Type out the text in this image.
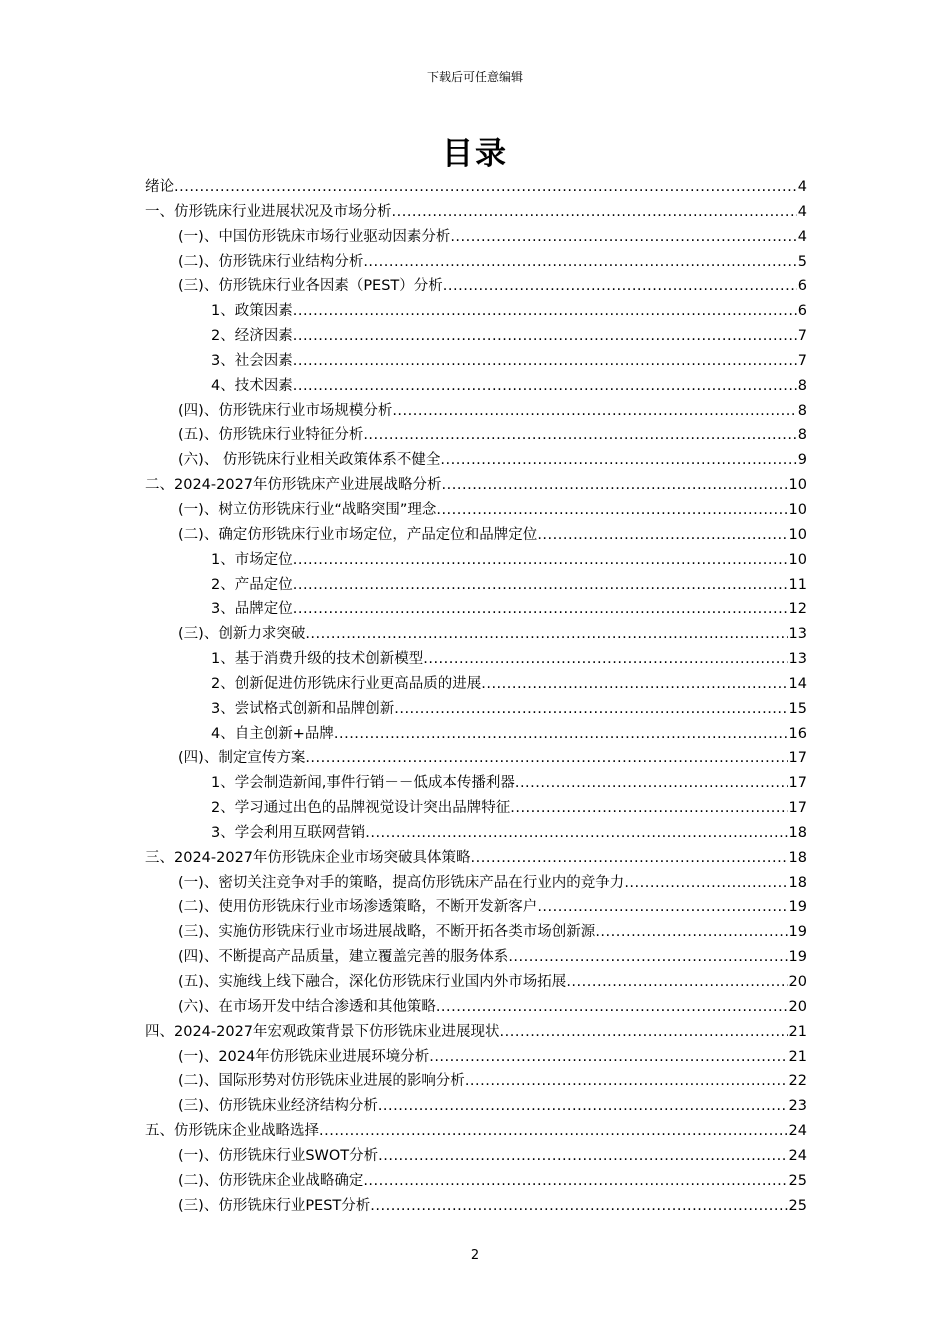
下载后可任意编辑
目录
绪论 .....	4
一、仿形铣床行业进展状况及市场分析 .....	4
(一)、中国仿形铣床市场行业驱动因素分析 .....	4
(二)、仿形铣床行业结构分析 .....	5
(三)、仿形铣床行业各因素（PEST）分析 .....	6
1、政策因素 .....	6
2、经济因素 .....	7
3、社会因素 .....	7
4、技术因素 .....	8
(四)、仿形铣床行业市场规模分析 .....	8
(五)、仿形铣床行业特征分析 .....	8
(六)、 仿形铣床行业相关政策体系不健全 .....	9
二、2024-2027年仿形铣床产业进展战略分析 .....	10
(一)、树立仿形铣床行业“战略突围”理念 .....	10
(二)、确定仿形铣床行业市场定位，产品定位和品牌定位 .....	10
1、市场定位 .....	10
2、产品定位 .....	11
3、品牌定位 .....	12
(三)、创新力求突破 .....	13
1、基于消费升级的技术创新模型 .....	13
2、创新促进仿形铣床行业更高品质的进展 .....	14
3、尝试格式创新和品牌创新 .....	15
4、自主创新+品牌 .....	16
(四)、制定宣传方案 .....	17
1、学会制造新闻,事件行销－－低成本传播利器 .....	17
2、学习通过出色的品牌视觉设计突出品牌特征 .....	17
3、学会利用互联网营销 .....	18
三、2024-2027年仿形铣床企业市场突破具体策略 .....	18
(一)、密切关注竞争对手的策略，提高仿形铣床产品在行业内的竞争力 .....	18
(二)、使用仿形铣床行业市场渗透策略，不断开发新客户 .....	19
(三)、实施仿形铣床行业市场进展战略，不断开拓各类市场创新源 .....	19
(四)、不断提高产品质量，建立覆盖完善的服务体系 .....	19
(五)、实施线上线下融合，深化仿形铣床行业国内外市场拓展 .....	20
(六)、在市场开发中结合渗透和其他策略 .....	20
四、2024-2027年宏观政策背景下仿形铣床业进展现状 .....	21
(一)、2024年仿形铣床业进展环境分析 .....	21
(二)、国际形势对仿形铣床业进展的影响分析 .....	22
(三)、仿形铣床业经济结构分析 .....	23
五、仿形铣床企业战略选择 .....	24
(一)、仿形铣床行业SWOT分析 .....	24
(二)、仿形铣床企业战略确定 .....	25
(三)、仿形铣床行业PEST分析 .....	25
2
